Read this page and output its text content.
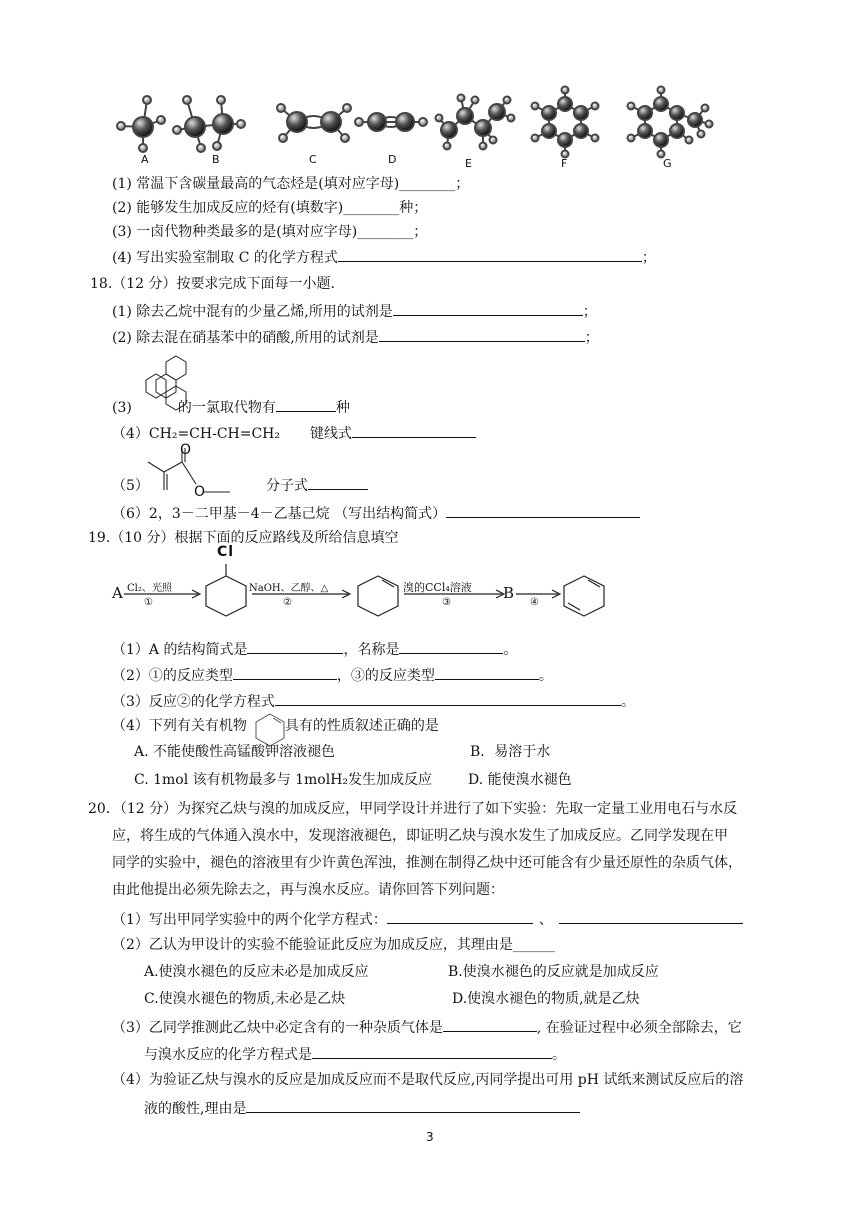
A	B	C	D	E	F	G
(1) 常温下含碳量最高的气态烃是(填对应字母)________；
(2) 能够发生加成反应的烃有(填数字)________种；
(3) 一卤代物种类最多的是(填对应字母)________；
(4) 写出实验室制取 C 的化学方程式	；
18.（12 分）按要求完成下面每一小题.
(1) 除去乙烷中混有的少量乙烯,所用的试剂是	；
(2) 除去混在硝基苯中的硝酸,所用的试剂是	；
(3)	的一氯取代物有	种
（4）CH₂=CH-CH=CH₂ 键线式
O
O
（5）	分子式
（6）2，3－二甲基－4－乙基己烷 （写出结构简式）
19.（10 分）根据下面的反应路线及所给信息填空
A
Cl
Cl₂、光照
①
NaOH、乙醇、△
②
溴的CCl₄溶液
③
B
④
（1）A 的结构简式是	，名称是	。
（2）①的反应类型	，③的反应类型	。
（3）反应②的化学方程式	。
（4）下列有关有机物	具有的性质叙述正确的是
A. 不能使酸性高锰酸钾溶液褪色	B．易溶于水
C. 1mol 该有机物最多与 1molH₂发生加成反应	D. 能使溴水褪色
20．（12 分）为探究乙炔与溴的加成反应，甲同学设计并进行了如下实验：先取一定量工业用电石与水反
应，将生成的气体通入溴水中，发现溶液褪色，即证明乙炔与溴水发生了加成反应。乙同学发现在甲
同学的实验中，褪色的溶液里有少许黄色浑浊，推测在制得乙炔中还可能含有少量还原性的杂质气体，
由此他提出必须先除去之，再与溴水反应。请你回答下列问题：
（1）写出甲同学实验中的两个化学方程式：	、
（2）乙认为甲设计的实验不能验证此反应为加成反应，其理由是______
A.使溴水褪色的反应未必是加成反应	B.使溴水褪色的反应就是加成反应
C.使溴水褪色的物质,未必是乙炔	D.使溴水褪色的物质,就是乙炔
（3）乙同学推测此乙炔中必定含有的一种杂质气体是	, 在验证过程中必须全部除去，它
与溴水反应的化学方程式是	。
（4）为验证乙炔与溴水的反应是加成反应而不是取代反应,丙同学提出可用 pH 试纸来测试反应后的溶
液的酸性,理由是
3
